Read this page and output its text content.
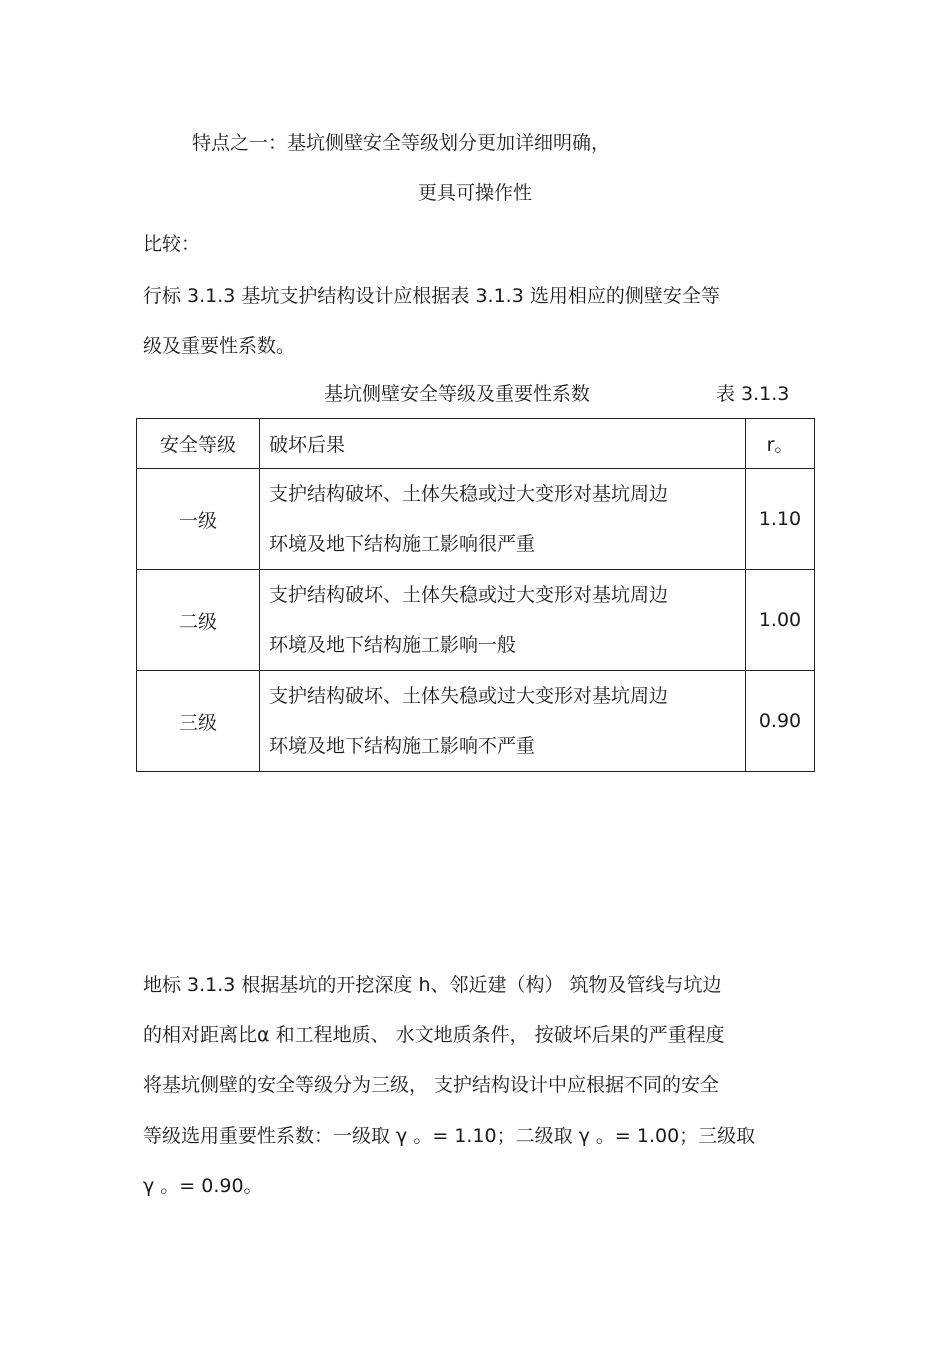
特点之一：基坑侧壁安全等级划分更加详细明确，
更具可操作性
比较：
行标 3.1.3 基坑支护结构设计应根据表 3.1.3 选用相应的侧壁安全等
级及重要性系数。
基坑侧壁安全等级及重要性系数	表 3.1.3
安全等级	破坏后果	r。
一级	支护结构破坏、土体失稳或过大变形对基坑周边
环境及地下结构施工影响很严重	1.10
二级	支护结构破坏、土体失稳或过大变形对基坑周边
环境及地下结构施工影响一般	1.00
三级	支护结构破坏、土体失稳或过大变形对基坑周边
环境及地下结构施工影响不严重	0.90
地标 3.1.3 根据基坑的开挖深度 h、邻近建（构） 筑物及管线与坑边
的相对距离比α 和工程地质、 水文地质条件， 按破坏后果的严重程度
将基坑侧壁的安全等级分为三级， 支护结构设计中应根据不同的安全
等级选用重要性系数：一级取 γ 。= 1.10；二级取 γ 。= 1.00；三级取
γ 。= 0.90。
